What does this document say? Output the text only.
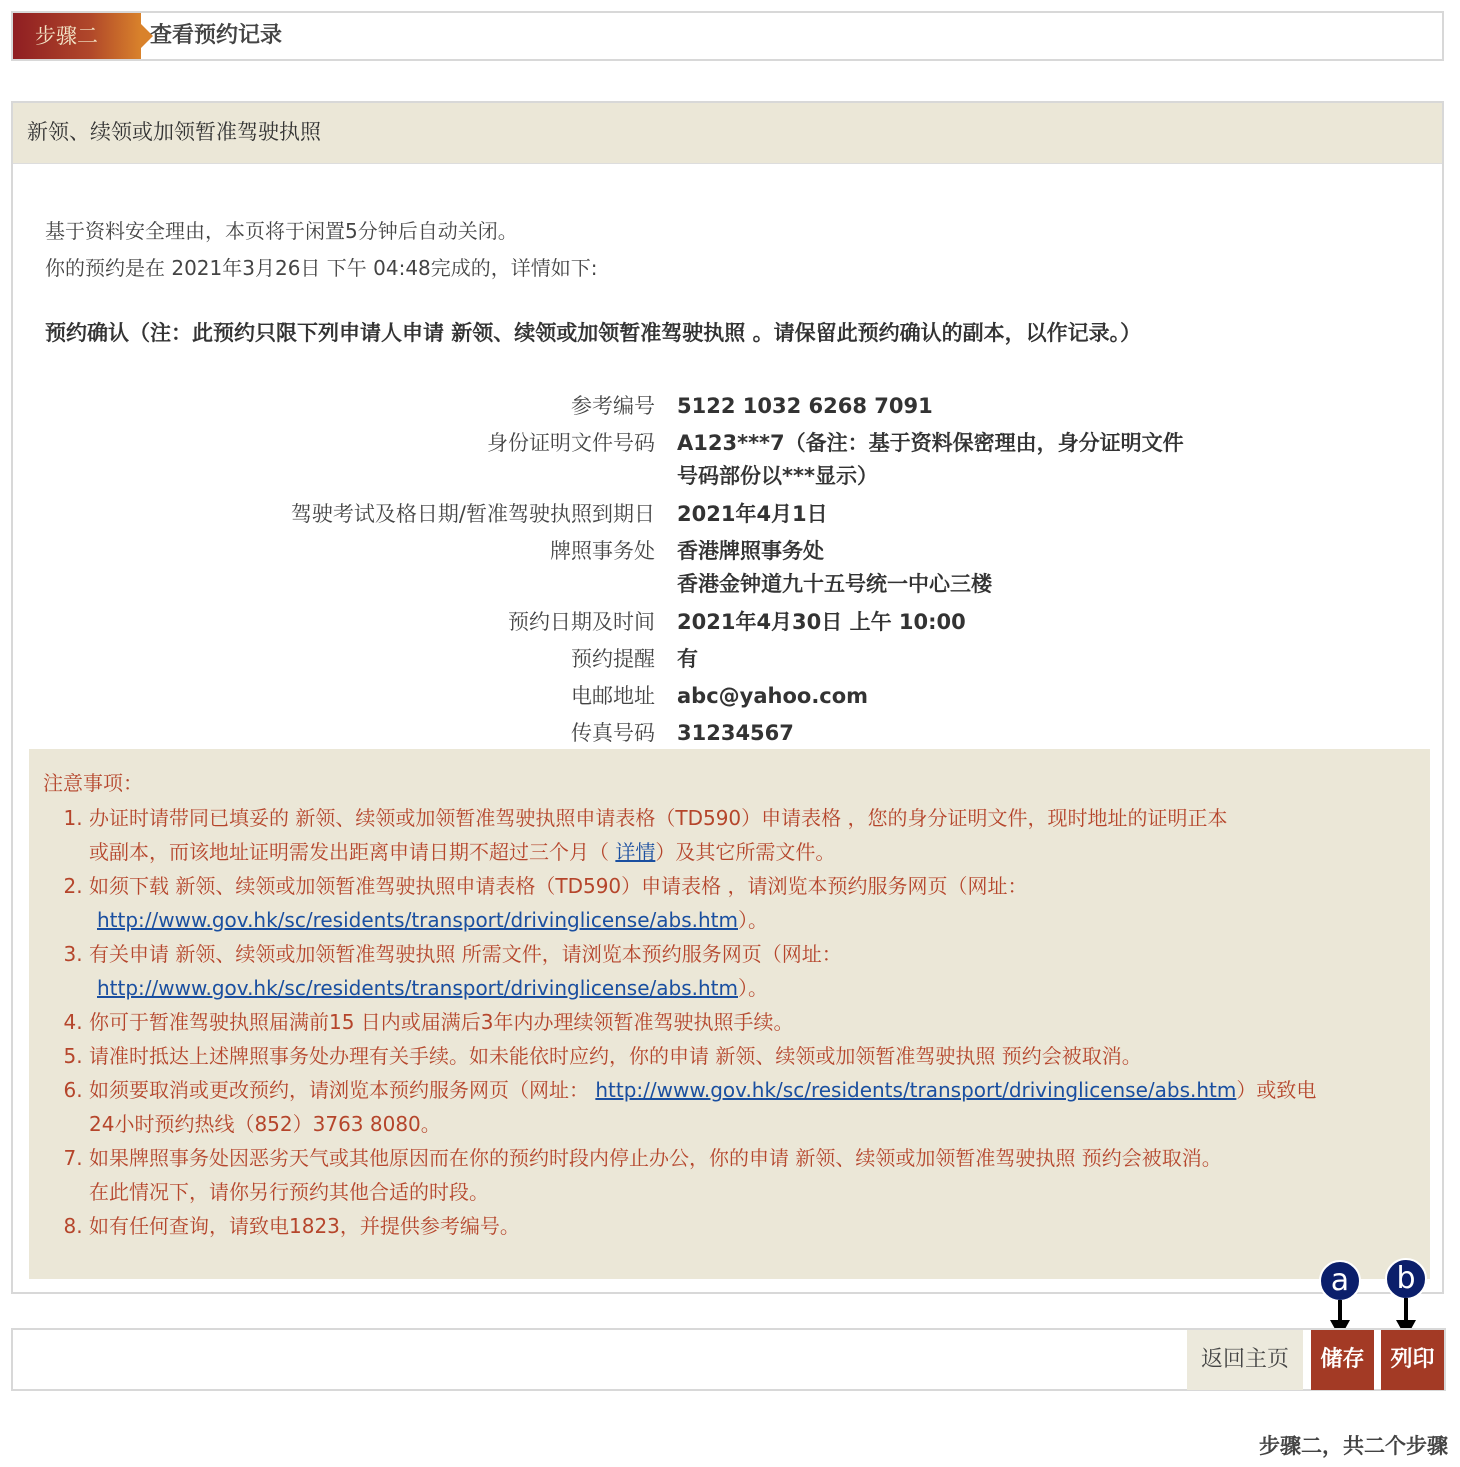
步骤二	查看预约记录
新领、续领或加领暂准驾驶执照
基于资料安全理由，本页将于闲置5分钟后自动关闭。
你的预约是在 2021年3月26日 下午 04:48完成的，详情如下:
预约确认（注：此预约只限下列申请人申请 新领、续领或加领暂准驾驶执照 。请保留此预约确认的副本，以作记录。）
参考编号 5122 1032 6268 7091
身份证明文件号码 A123***7（备注：基于资料保密理由，身分证明文件
号码部份以***显示）
驾驶考试及格日期/暂准驾驶执照到期日 2021年4月1日
牌照事务处 香港牌照事务处
香港金钟道九十五号统一中心三楼
预约日期及时间 2021年4月30日 上午 10:00
预约提醒 有
电邮地址 abc@yahoo.com
传真号码 31234567
注意事项：
1. 办证时请带同已填妥的 新领、续领或加领暂准驾驶执照申请表格（TD590）申请表格 ，您的身分证明文件，现时地址的证明正本
或副本，而该地址证明需发出距离申请日期不超过三个月（ 详情）及其它所需文件。
2. 如须下载 新领、续领或加领暂准驾驶执照申请表格（TD590）申请表格 ，请浏览本预约服务网页（网址：

http://www.gov.hk/sc/residents/transport/drivinglicense/abs.htm）。
3. 有关申请 新领、续领或加领暂准驾驶执照 所需文件，请浏览本预约服务网页（网址：

http://www.gov.hk/sc/residents/transport/drivinglicense/abs.htm）。
4. 你可于暂准驾驶执照届满前15 日内或届满后3年内办理续领暂准驾驶执照手续。
5. 请准时抵达上述牌照事务处办理有关手续。如未能依时应约，你的申请 新领、续领或加领暂准驾驶执照 预约会被取消。
6. 如须要取消或更改预约，请浏览本预约服务网页（网址： http://www.gov.hk/sc/residents/transport/drivinglicense/abs.htm）或致电
24小时预约热线（852）3763 8080。
7. 如果牌照事务处因恶劣天气或其他原因而在你的预约时段内停止办公，你的申请 新领、续领或加领暂准驾驶执照 预约会被取消。
在此情况下，请你另行预约其他合适的时段。
8. 如有任何查询，请致电1823，并提供参考编号。
a	b
返回主页	储存	列印
步骤二，共二个步骤
